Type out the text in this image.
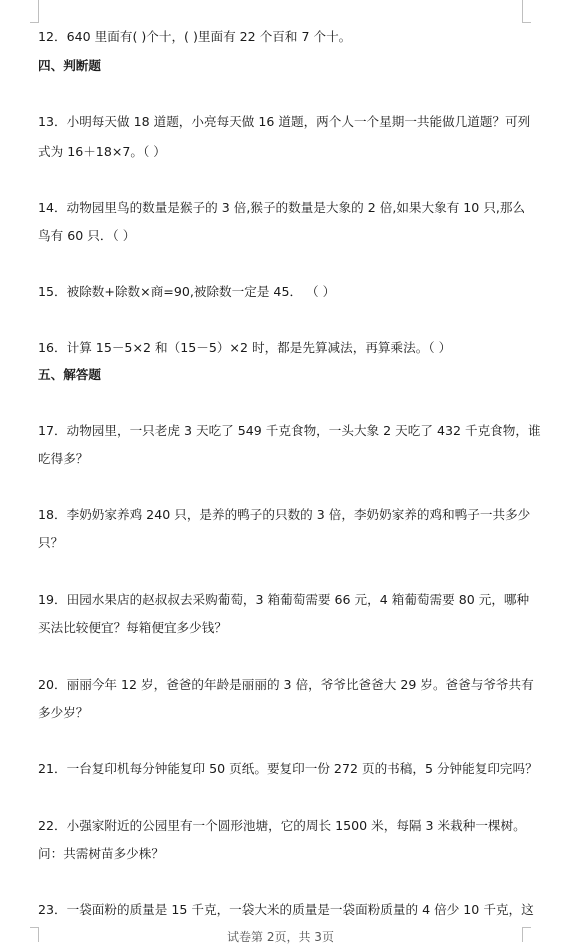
12．640 里面有( )个十，( )里面有 22 个百和 7 个十。
四、判断题
13．小明每天做 18 道题，小亮每天做 16 道题，两个人一个星期一共能做几道题？可列
式为 16＋18×7。（ ）
14．动物园里鸟的数量是猴子的 3 倍,猴子的数量是大象的 2 倍,如果大象有 10 只,那么
鸟有 60 只．（ ）
15．被除数+除数×商=90,被除数一定是 45． （ ）
16．计算 15－5×2 和（15－5）×2 时，都是先算减法，再算乘法。（ ）
五、解答题
17．动物园里，一只老虎 3 天吃了 549 千克食物，一头大象 2 天吃了 432 千克食物，谁
吃得多？
18．李奶奶家养鸡 240 只，是养的鸭子的只数的 3 倍，李奶奶家养的鸡和鸭子一共多少
只？
19．田园水果店的赵叔叔去采购葡萄，3 箱葡萄需要 66 元，4 箱葡萄需要 80 元，哪种
买法比较便宜？每箱便宜多少钱？
20．丽丽今年 12 岁，爸爸的年龄是丽丽的 3 倍，爷爷比爸爸大 29 岁。爸爸与爷爷共有
多少岁？
21．一台复印机每分钟能复印 50 页纸。要复印一份 272 页的书稿，5 分钟能复印完吗？
22．小强家附近的公园里有一个圆形池塘，它的周长 1500 米，每隔 3 米栽种一棵树。
问：共需树苗多少株？
23．一袋面粉的质量是 15 千克，一袋大米的质量是一袋面粉质量的 4 倍少 10 千克，这
试卷第 2页，共 3页
